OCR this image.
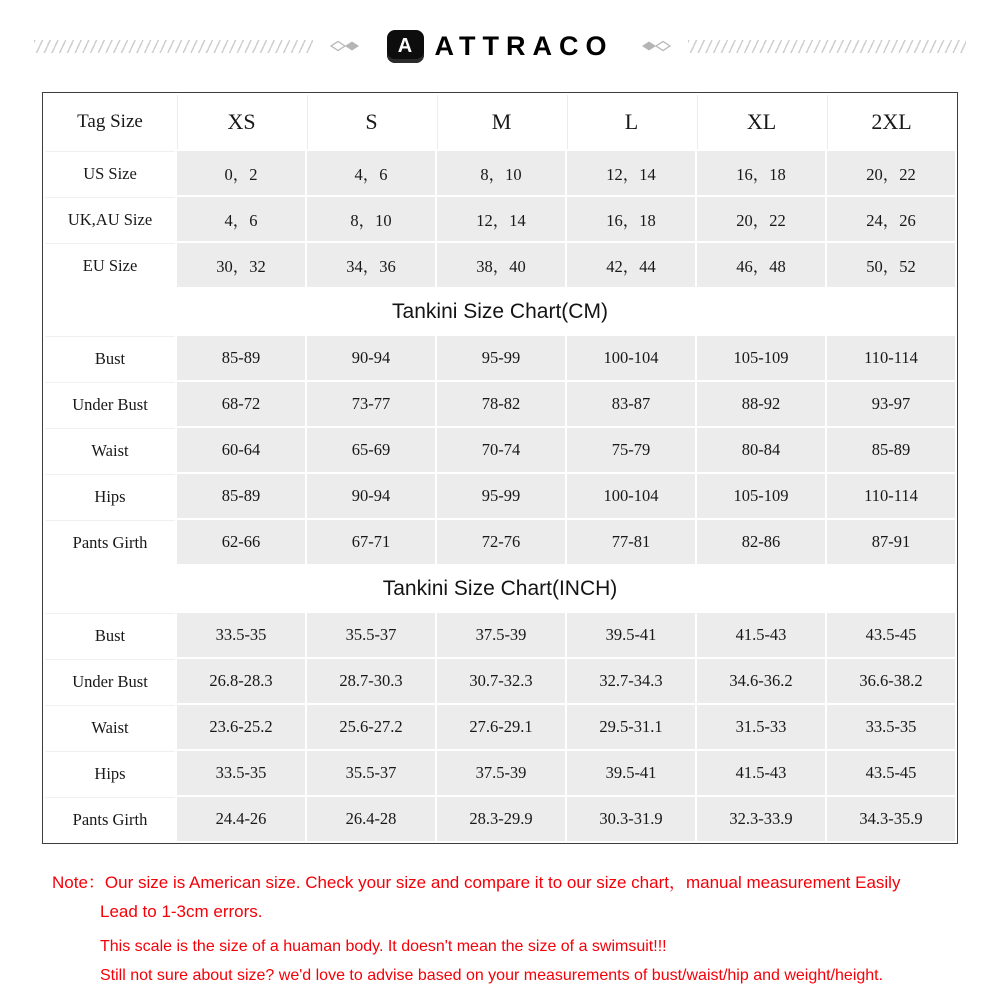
A ATTRACO
Tag Size	XS	S	M	L	XL	2XL
US Size	0，2	4，6	8，10	12，14	16，18	20，22
UK,AU Size	4，6	8，10	12，14	16，18	20，22	24，26
EU Size	30，32	34，36	38，40	42，44	46，48	50，52
Tankini Size Chart(CM)						
Bust	85-89	90-94	95-99	100-104	105-109	110-114
Under Bust	68-72	73-77	78-82	83-87	88-92	93-97
Waist	60-64	65-69	70-74	75-79	80-84	85-89
Hips	85-89	90-94	95-99	100-104	105-109	110-114
Pants Girth	62-66	67-71	72-76	77-81	82-86	87-91
Tankini Size Chart(INCH)						
Bust	33.5-35	35.5-37	37.5-39	39.5-41	41.5-43	43.5-45
Under Bust	26.8-28.3	28.7-30.3	30.7-32.3	32.7-34.3	34.6-36.2	36.6-38.2
Waist	23.6-25.2	25.6-27.2	27.6-29.1	29.5-31.1	31.5-33	33.5-35
Hips	33.5-35	35.5-37	37.5-39	39.5-41	41.5-43	43.5-45
Pants Girth	24.4-26	26.4-28	28.3-29.9	30.3-31.9	32.3-33.9	34.3-35.9
Note：Our size is American size. Check your size and compare it to our size chart，manual measurement Easily
Lead to 1-3cm errors.
This scale is the size of a huaman body. It doesn't mean the size of a swimsuit!!!
Still not sure about size? we'd love to advise based on your measurements of bust/waist/hip and weight/height.
